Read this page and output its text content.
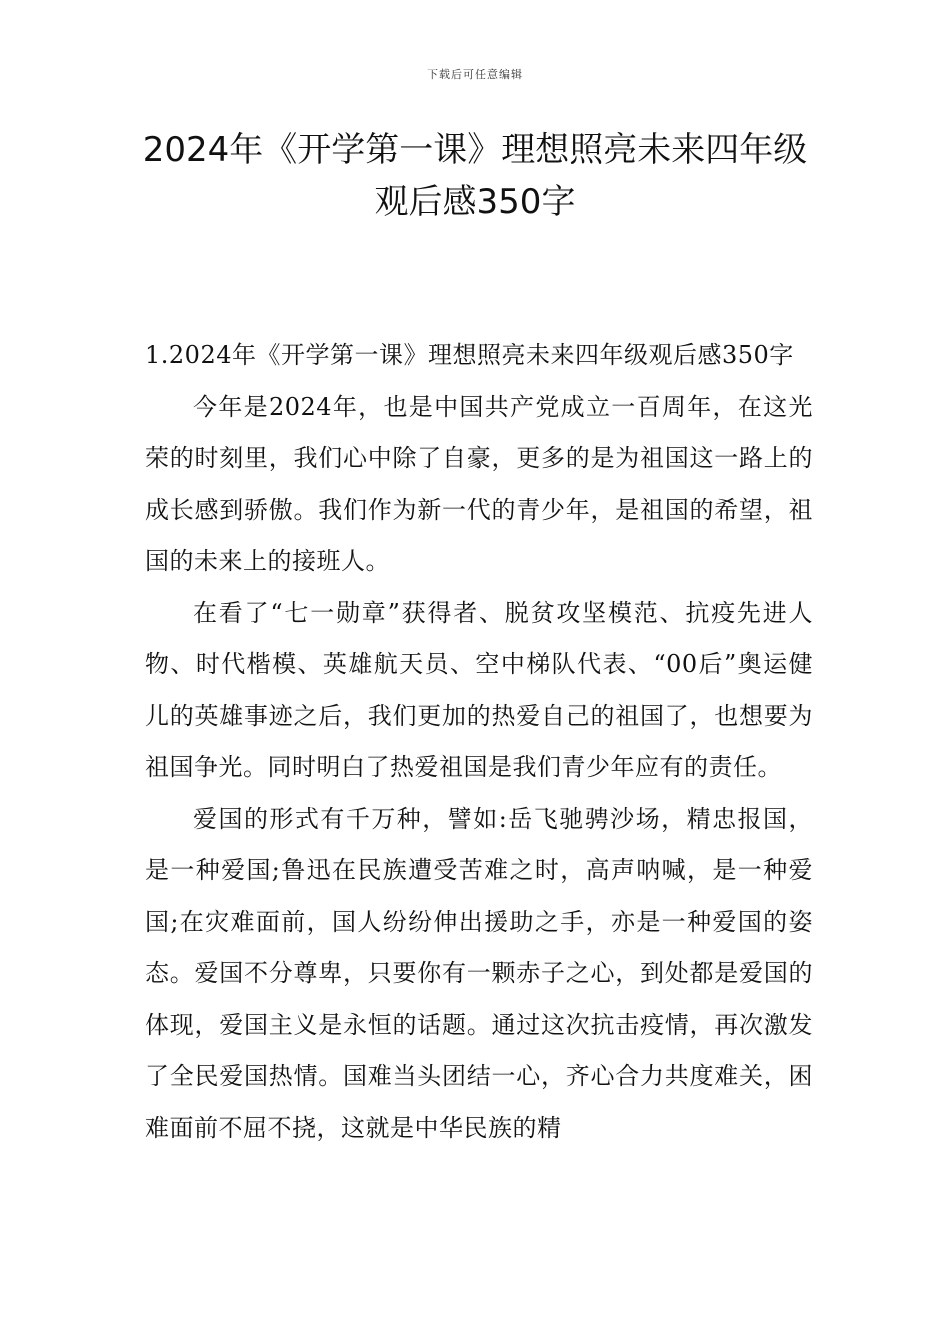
下载后可任意编辑
2024年《开学第一课》理想照亮未来四年级观后感350字

1.2024年《开学第一课》理想照亮未来四年级观后感350字

今年是2024年，也是中国共产党成立一百周年，在这光荣的时刻里，我们心中除了自豪，更多的是为祖国这一路上的成长感到骄傲。我们作为新一代的青少年，是祖国的希望，祖国的未来上的接班人。

在看了“七一勋章”获得者、脱贫攻坚模范、抗疫先进人物、时代楷模、英雄航天员、空中梯队代表、“00后”奥运健儿的英雄事迹之后，我们更加的热爱自己的祖国了，也想要为祖国争光。同时明白了热爱祖国是我们青少年应有的责任。

爱国的形式有千万种，譬如:岳飞驰骋沙场，精忠报国，是一种爱国;鲁迅在民族遭受苦难之时，高声呐喊，是一种爱国;在灾难面前，国人纷纷伸出援助之手，亦是一种爱国的姿态。爱国不分尊卑，只要你有一颗赤子之心，到处都是爱国的体现，爱国主义是永恒的话题。通过这次抗击疫情，再次激发了全民爱国热情。国难当头团结一心，齐心合力共度难关，困难面前不屈不挠，这就是中华民族的精
